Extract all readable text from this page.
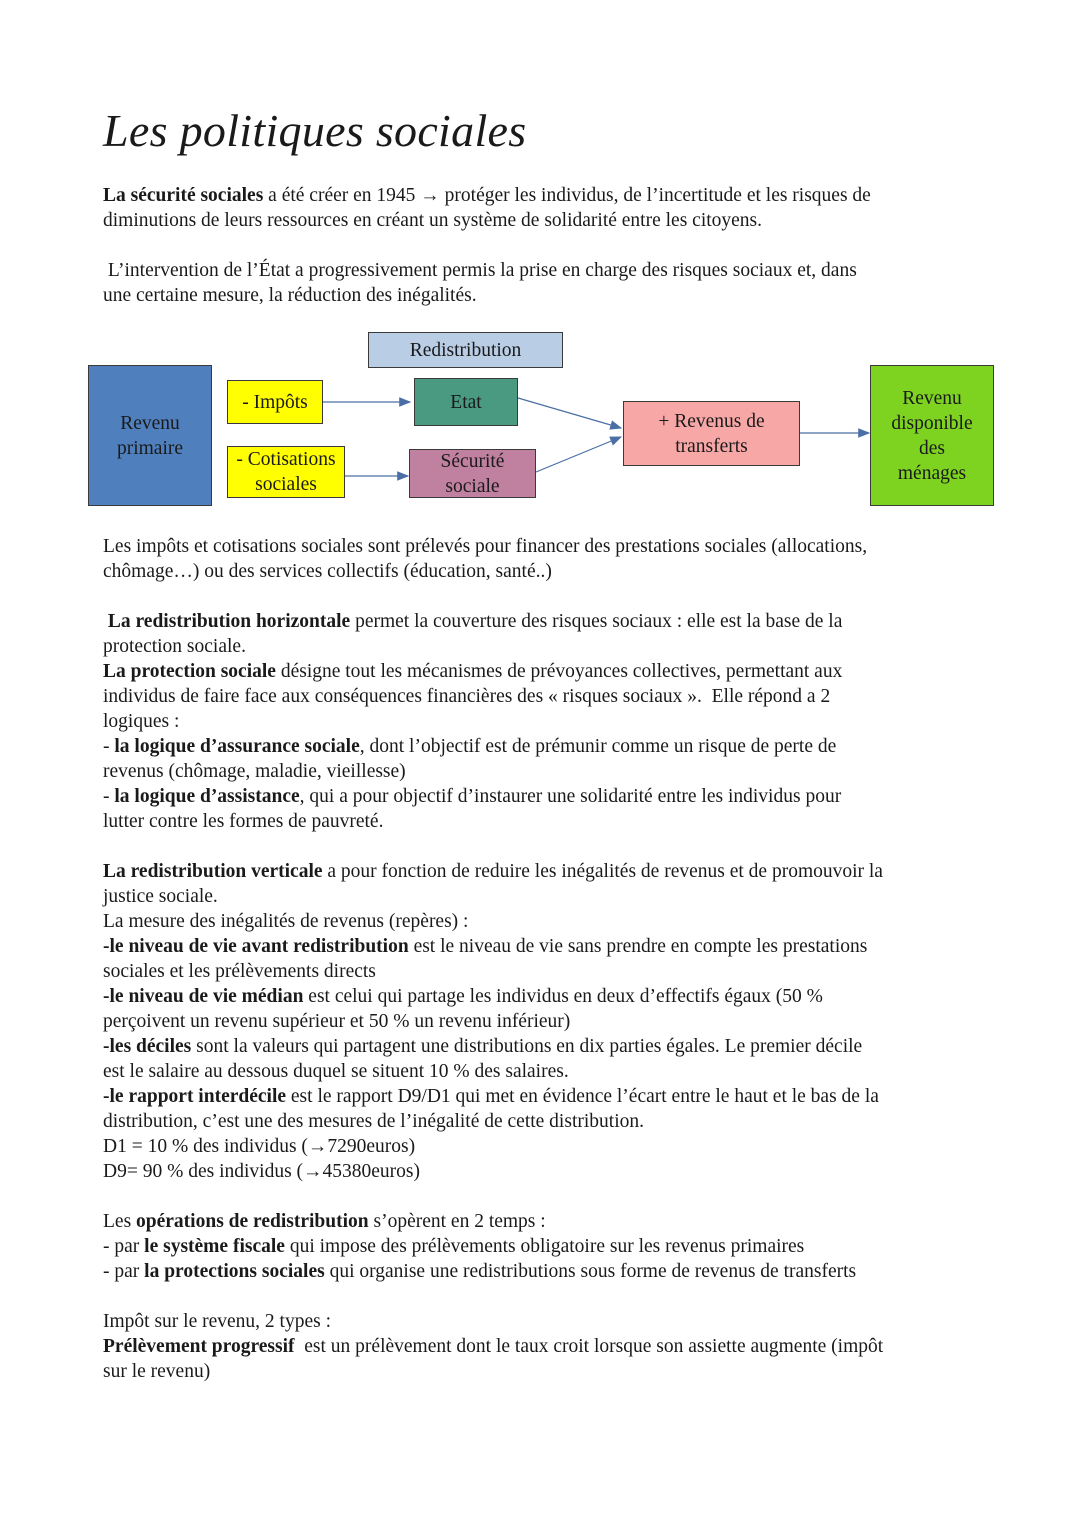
Les politiques sociales

La sécurité sociales a été créer en 1945 → protéger les individus, de l’incertitude et les risques de
diminutions de leurs ressources en créant un système de solidarité entre les citoyens.

L’intervention de l’État a progressivement permis la prise en charge des risques sociaux et, dans
une certaine mesure, la réduction des inégalités.

Redistribution
Revenu
primaire
- Impôts
- Cotisations
sociales
Etat
Sécurité
sociale
+ Revenus de
transferts
Revenu
disponible
des
ménages

Les impôts et cotisations sociales sont prélevés pour financer des prestations sociales (allocations,
chômage…) ou des services collectifs (éducation, santé..)

La redistribution horizontale permet la couverture des risques sociaux : elle est la base de la
protection sociale.
La protection sociale désigne tout les mécanismes de prévoyances collectives, permettant aux
individus de faire face aux conséquences financières des « risques sociaux ».  Elle répond a 2
logiques :
- la logique d’assurance sociale, dont l’objectif est de prémunir comme un risque de perte de
revenus (chômage, maladie, vieillesse)
- la logique d’assistance, qui a pour objectif d’instaurer une solidarité entre les individus pour
lutter contre les formes de pauvreté.

La redistribution verticale a pour fonction de reduire les inégalités de revenus et de promouvoir la
justice sociale.
La mesure des inégalités de revenus (repères) :
-le niveau de vie avant redistribution est le niveau de vie sans prendre en compte les prestations
sociales et les prélèvements directs
-le niveau de vie médian est celui qui partage les individus en deux d’effectifs égaux (50 %
perçoivent un revenu supérieur et 50 % un revenu inférieur)
-les déciles sont la valeurs qui partagent une distributions en dix parties égales. Le premier décile
est le salaire au dessous duquel se situent 10 % des salaires.
-le rapport interdécile est le rapport D9/D1 qui met en évidence l’écart entre le haut et le bas de la
distribution, c’est une des mesures de l’inégalité de cette distribution.
D1 = 10 % des individus (→7290euros)
D9= 90 % des individus (→45380euros)

Les opérations de redistribution s’opèrent en 2 temps :
- par le système fiscale qui impose des prélèvements obligatoire sur les revenus primaires
- par la protections sociales qui organise une redistributions sous forme de revenus de transferts

Impôt sur le revenu, 2 types :
Prélèvement progressif  est un prélèvement dont le taux croit lorsque son assiette augmente (impôt
sur le revenu)
